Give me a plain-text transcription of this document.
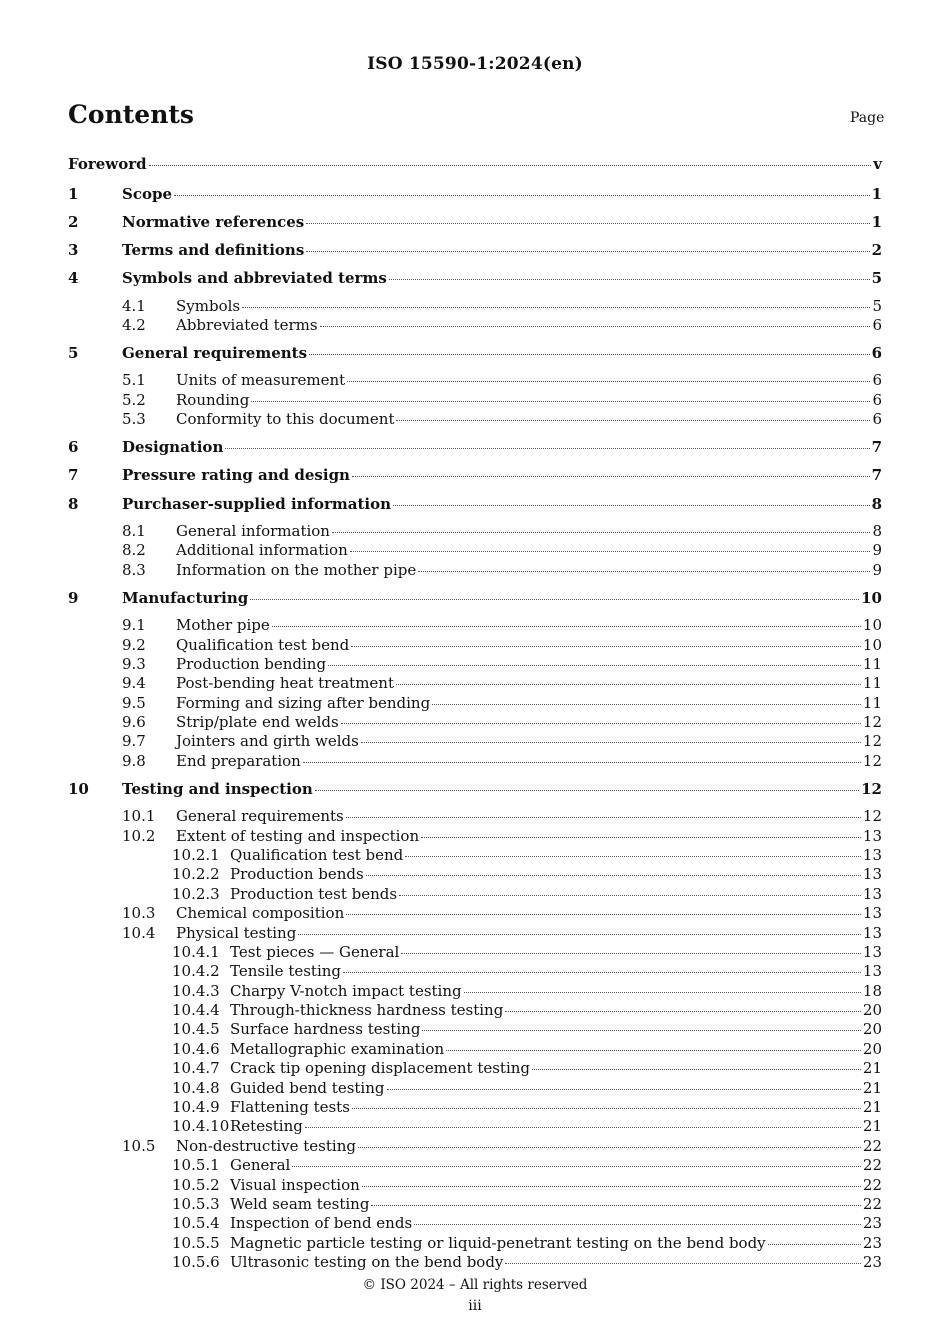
ISO 15590-1:2024(en)
Contents	Page
Foreword	v
1	Scope	1
2	Normative references	1
3	Terms and definitions	2
4	Symbols and abbreviated terms	5
4.1 Symbols	5
4.2 Abbreviated terms	6
5	General requirements	6
5.1 Units of measurement	6
5.2 Rounding	6
5.3 Conformity to this document	6
6	Designation	7
7	Pressure rating and design	7
8	Purchaser-supplied information	8
8.1 General information	8
8.2 Additional information	9
8.3 Information on the mother pipe	9
9	Manufacturing	10
9.1 Mother pipe	10
9.2 Qualification test bend	10
9.3 Production bending	11
9.4 Post-bending heat treatment	11
9.5 Forming and sizing after bending	11
9.6 Strip/plate end welds	12
9.7 Jointers and girth welds	12
9.8 End preparation	12
10 Testing and inspection	12
10.1 General requirements	12
10.2 Extent of testing and inspection	13
10.2.1 Qualification test bend	13
10.2.2 Production bends	13
10.2.3 Production test bends	13
10.3 Chemical composition	13
10.4 Physical testing	13
10.4.1 Test pieces — General	13
10.4.2 Tensile testing	13
10.4.3 Charpy V-notch impact testing	18
10.4.4 Through-thickness hardness testing	20
10.4.5 Surface hardness testing	20
10.4.6 Metallographic examination	20
10.4.7 Crack tip opening displacement testing	21
10.4.8 Guided bend testing	21
10.4.9 Flattening tests	21
10.4.10 Retesting	21
10.5 Non-destructive testing	22
10.5.1 General	22
10.5.2 Visual inspection	22
10.5.3 Weld seam testing	22
10.5.4 Inspection of bend ends	23
10.5.5 Magnetic particle testing or liquid-penetrant testing on the bend body	23
10.5.6 Ultrasonic testing on the bend body	23
© ISO 2024 – All rights reserved
iii
